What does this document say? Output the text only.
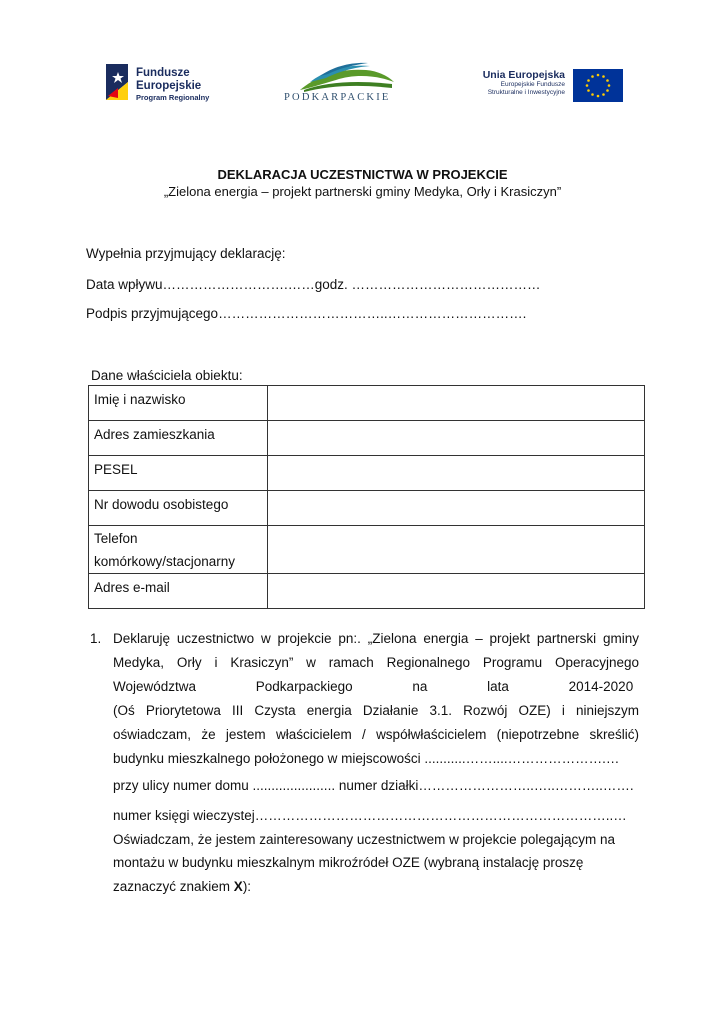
Fundusze
Europejskie
Program Regionalny	PODKARPACKIE
Unia Europejska
Europejskie Fundusze
Strukturalne i Inwestycyjne
DEKLARACJA UCZESTNICTWA W PROJEKCIE
„Zielona energia – projekt partnerski gminy Medyka, Orły i Krasiczyn”
Wypełnia przyjmujący deklarację:
Data wpływu……………………….……godz. ……………………………………
Podpis przyjmującego………………………………..………………………….
Dane właściciela obiektu:
Imię i nazwisko	
Adres zamieszkania	
PESEL	
Nr dowodu osobistego	

Telefon
komórkowy/stacjonarny	

Adres e-mail	
1. Deklaruję uczestnictwo w projekcie pn:. „Zielona energia – projekt partnerski gminy
Medyka, Orły i Krasiczyn” w ramach Regionalnego Programu Operacyjnego
Województwa Podkarpackiego na lata 2014-2020
(Oś Priorytetowa III Czysta energia Działanie 3.1. Rozwój OZE) i niniejszym
oświadczam, że jestem właścicielem / współwłaścicielem (niepotrzebne skreślić)
budynku mieszkalnego położonego w miejscowości ...........……....………………….…
przy ulicy numer domu ...................... numer działki……………………..…..………..…….
numer księgi wieczystej……………………………………………………………………..…
Oświadczam, że jestem zainteresowany uczestnictwem w projekcie polegającym na
montażu w budynku mieszkalnym mikroźródeł OZE (wybraną instalację proszę
zaznaczyć znakiem X):
